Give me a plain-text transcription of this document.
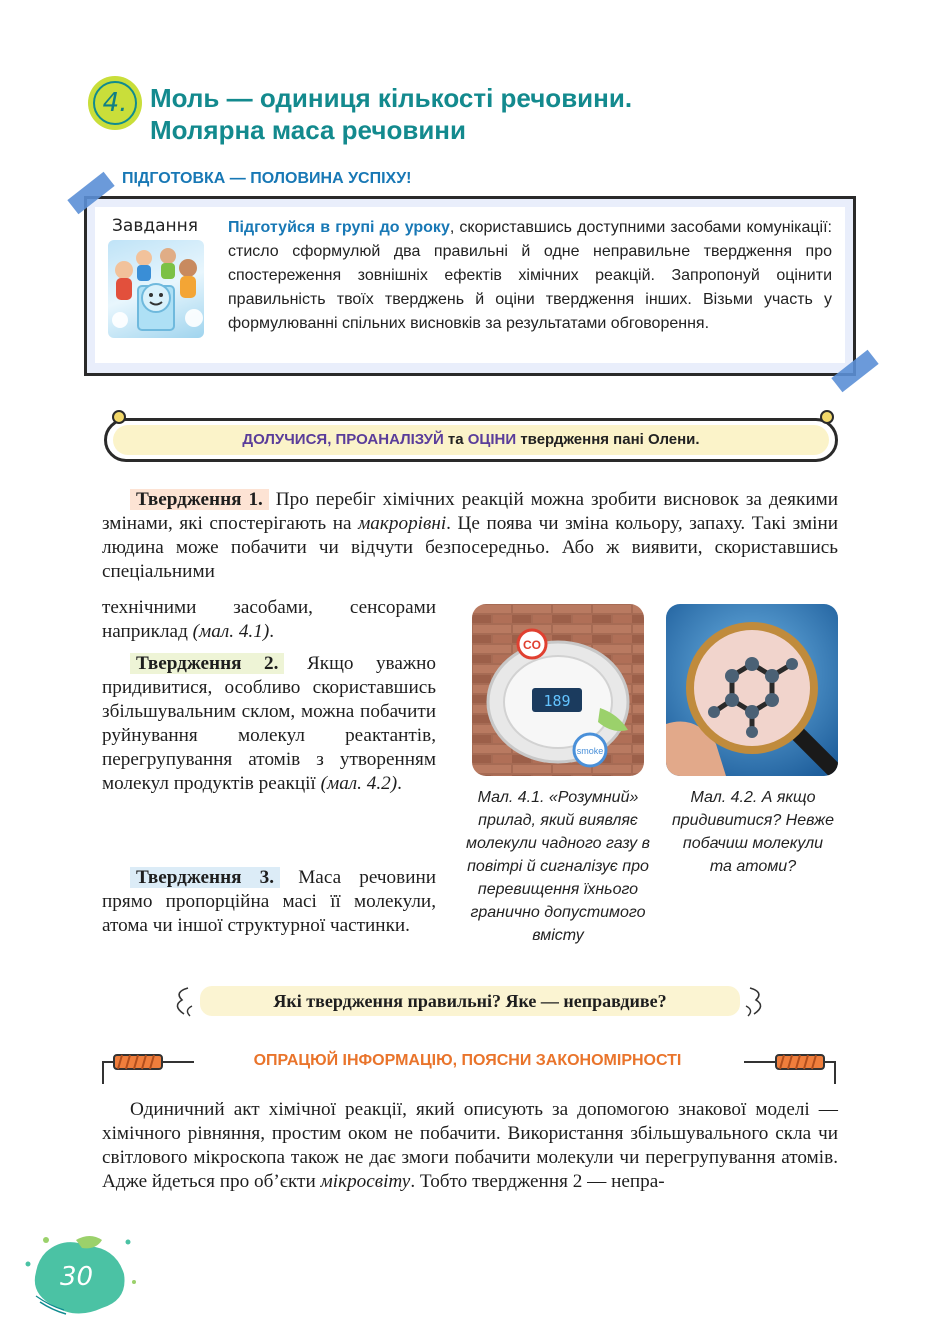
4. Моль — одиниця кількості речовини.
Молярна маса речовини
ПІДГОТОВКА — ПОЛОВИНА УСПІХУ!
Завдання Підготуйся в групі до уроку, скориставшись доступними засобами комунікації: стисло сформулюй два правильні й одне неправильне твердження про спостереження зовнішніх ефектів хімічних реакцій. Запропонуй оцінити правильність твоїх тверджень й оціни твердження інших. Візьми участь у формулюванні спільних висновків за результатами обговорення.
ДОЛУЧИСЯ, ПРОАНАЛІЗУЙ та ОЦІНИ твердження пані Олени.
Твердження 1. Про перебіг хімічних реакцій можна зробити висновок за деякими змінами, які спостерігають на макрорівні. Це поява чи зміна кольору, запаху. Такі зміни людина може побачити чи відчути безпосередньо. Або ж виявити, скориставшись спеціальними
технічними засобами, сенсорами наприклад (мал. 4.1).
Твердження 2. Якщо уважно придивитися, особливо скориставшись збільшувальним склом, можна побачити руйнування молекул реактантів, перегрупування атомів з утворенням молекул продуктів реакції (мал. 4.2).
Твердження 3. Маса речовини прямо пропорційна масі її молекули, атома чи іншої структурної частинки.
189
CO
smoke
Мал. 4.1. «Розумний» прилад, який виявляє молекули чадного газу в повітрі й сигналізує про перевищення їхнього гранично допустимого вмісту
Мал. 4.2. А якщо придивитися? Невже побачиш молекули та атоми?
Які твердження правильні? Яке — неправдиве?
ОПРАЦЮЙ ІНФОРМАЦІЮ, ПОЯСНИ ЗАКОНОМІРНОСТІ
Одиничний акт хімічної реакції, який описують за допомогою знакової моделі — хімічного рівняння, простим оком не побачити. Використання збільшувального скла чи світлового мікроскопа також не дає змоги побачити молекули чи перегрупування атомів. Адже йдеться про об’єкти мікросвіту. Тобто твердження 2 — непра-
30
